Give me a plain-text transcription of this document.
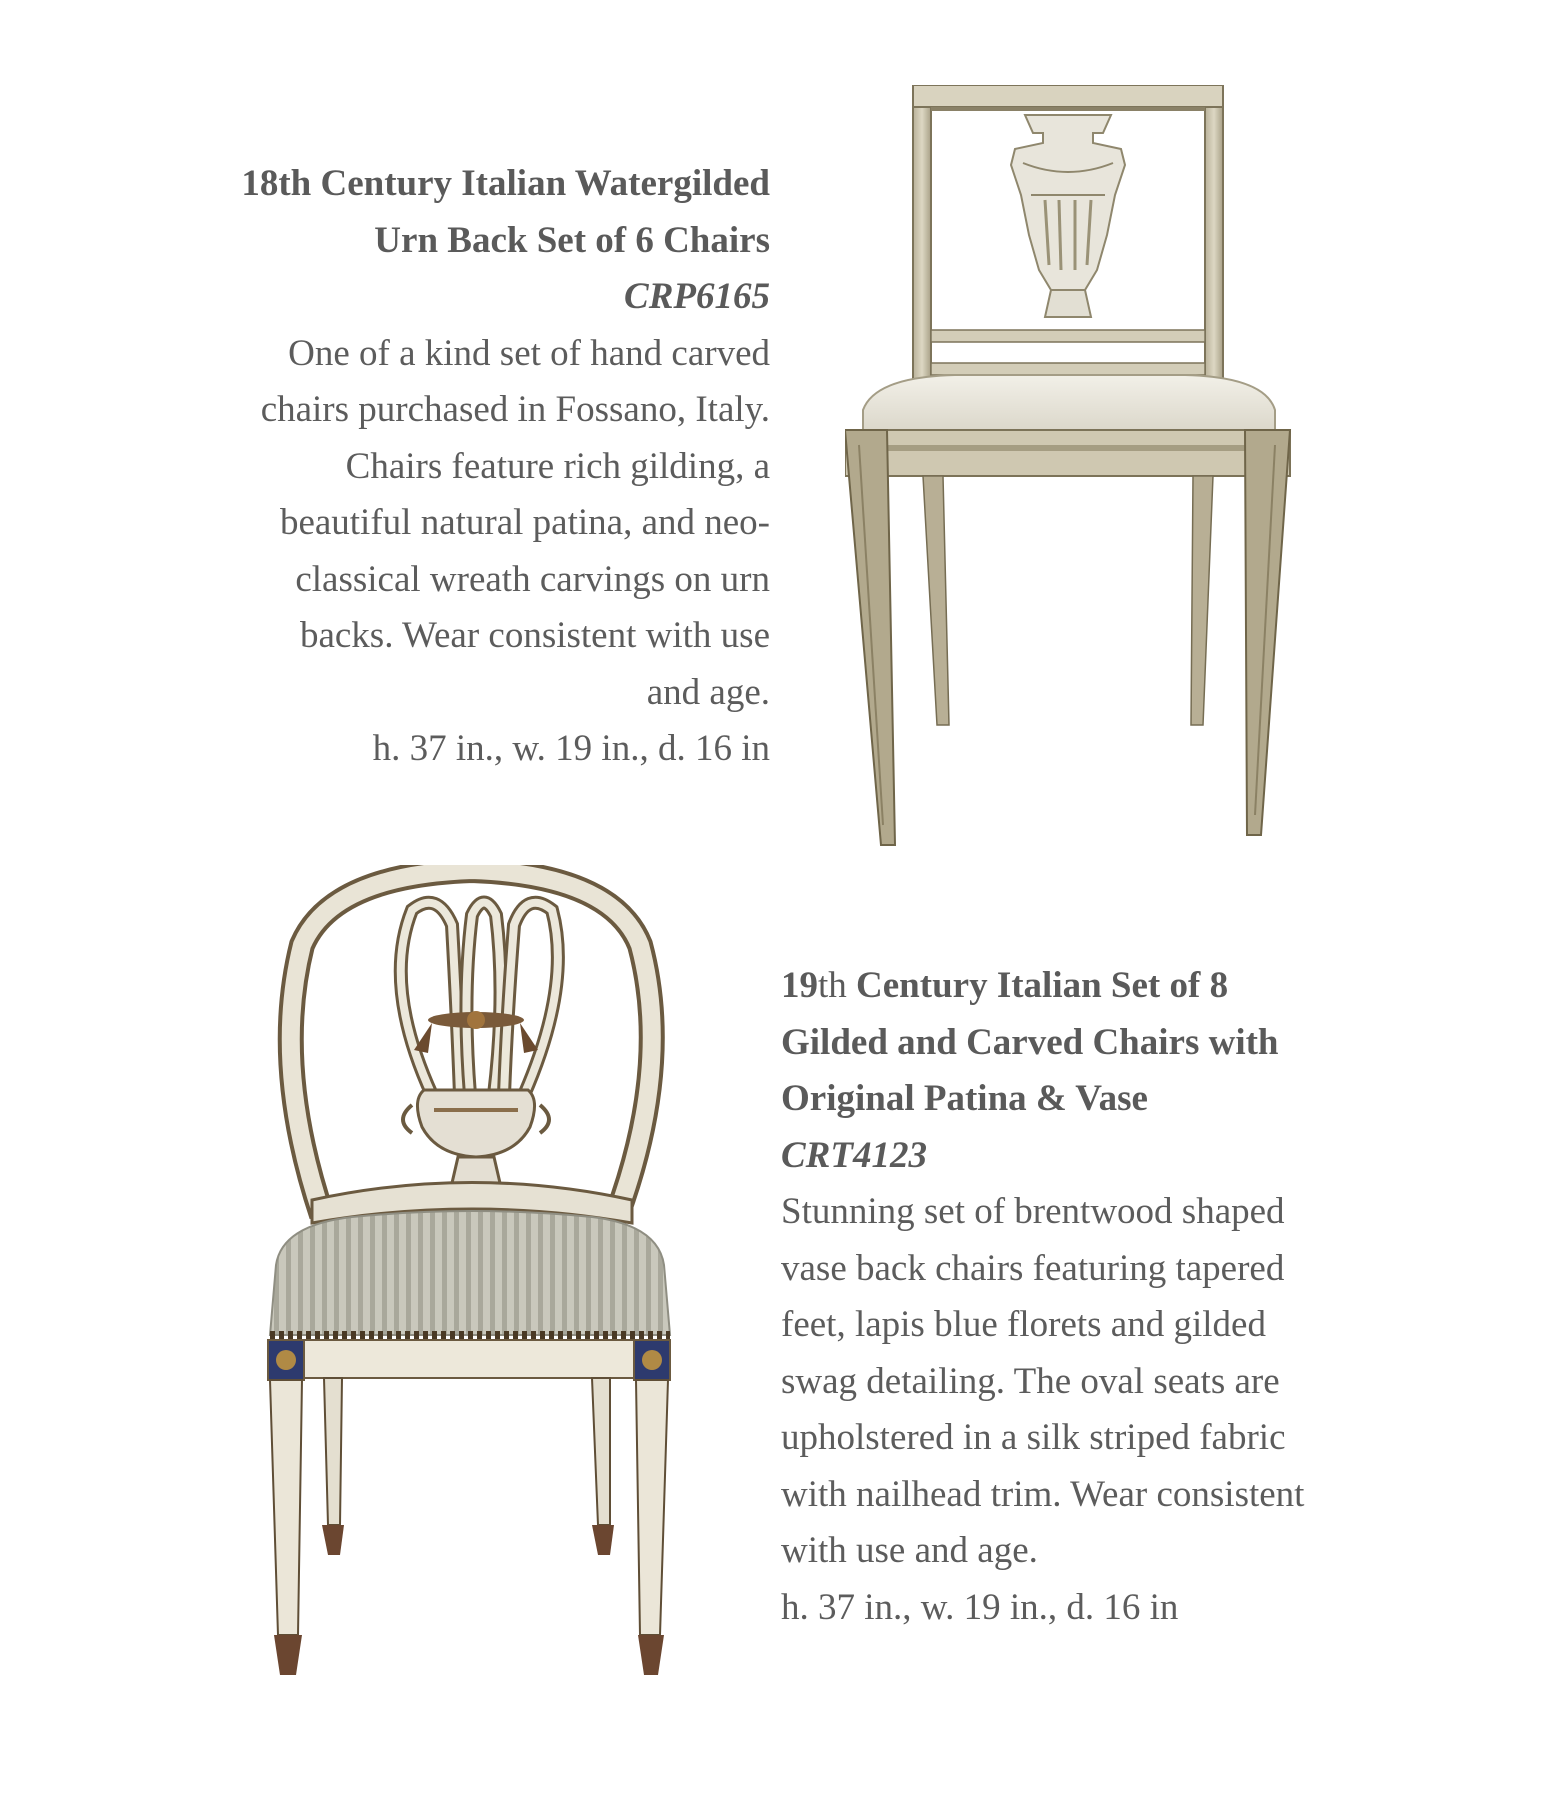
18th Century Italian Watergilded
Urn Back Set of 6 Chairs
CRP6165
One of a kind set of hand carved
chairs purchased in Fossano, Italy.
Chairs feature rich gilding, a
beautiful natural patina, and neo-
classical wreath carvings on urn
backs. Wear consistent with use
and age.
h. 37 in., w. 19 in., d. 16 in
19th Century Italian Set of 8
Gilded and Carved Chairs with
Original Patina & Vase
CRT4123
Stunning set of brentwood shaped
vase back chairs featuring tapered
feet, lapis blue florets and gilded
swag detailing. The oval seats are
upholstered in a silk striped fabric
with nailhead trim. Wear consistent
with use and age.
h. 37 in., w. 19 in., d. 16 in
